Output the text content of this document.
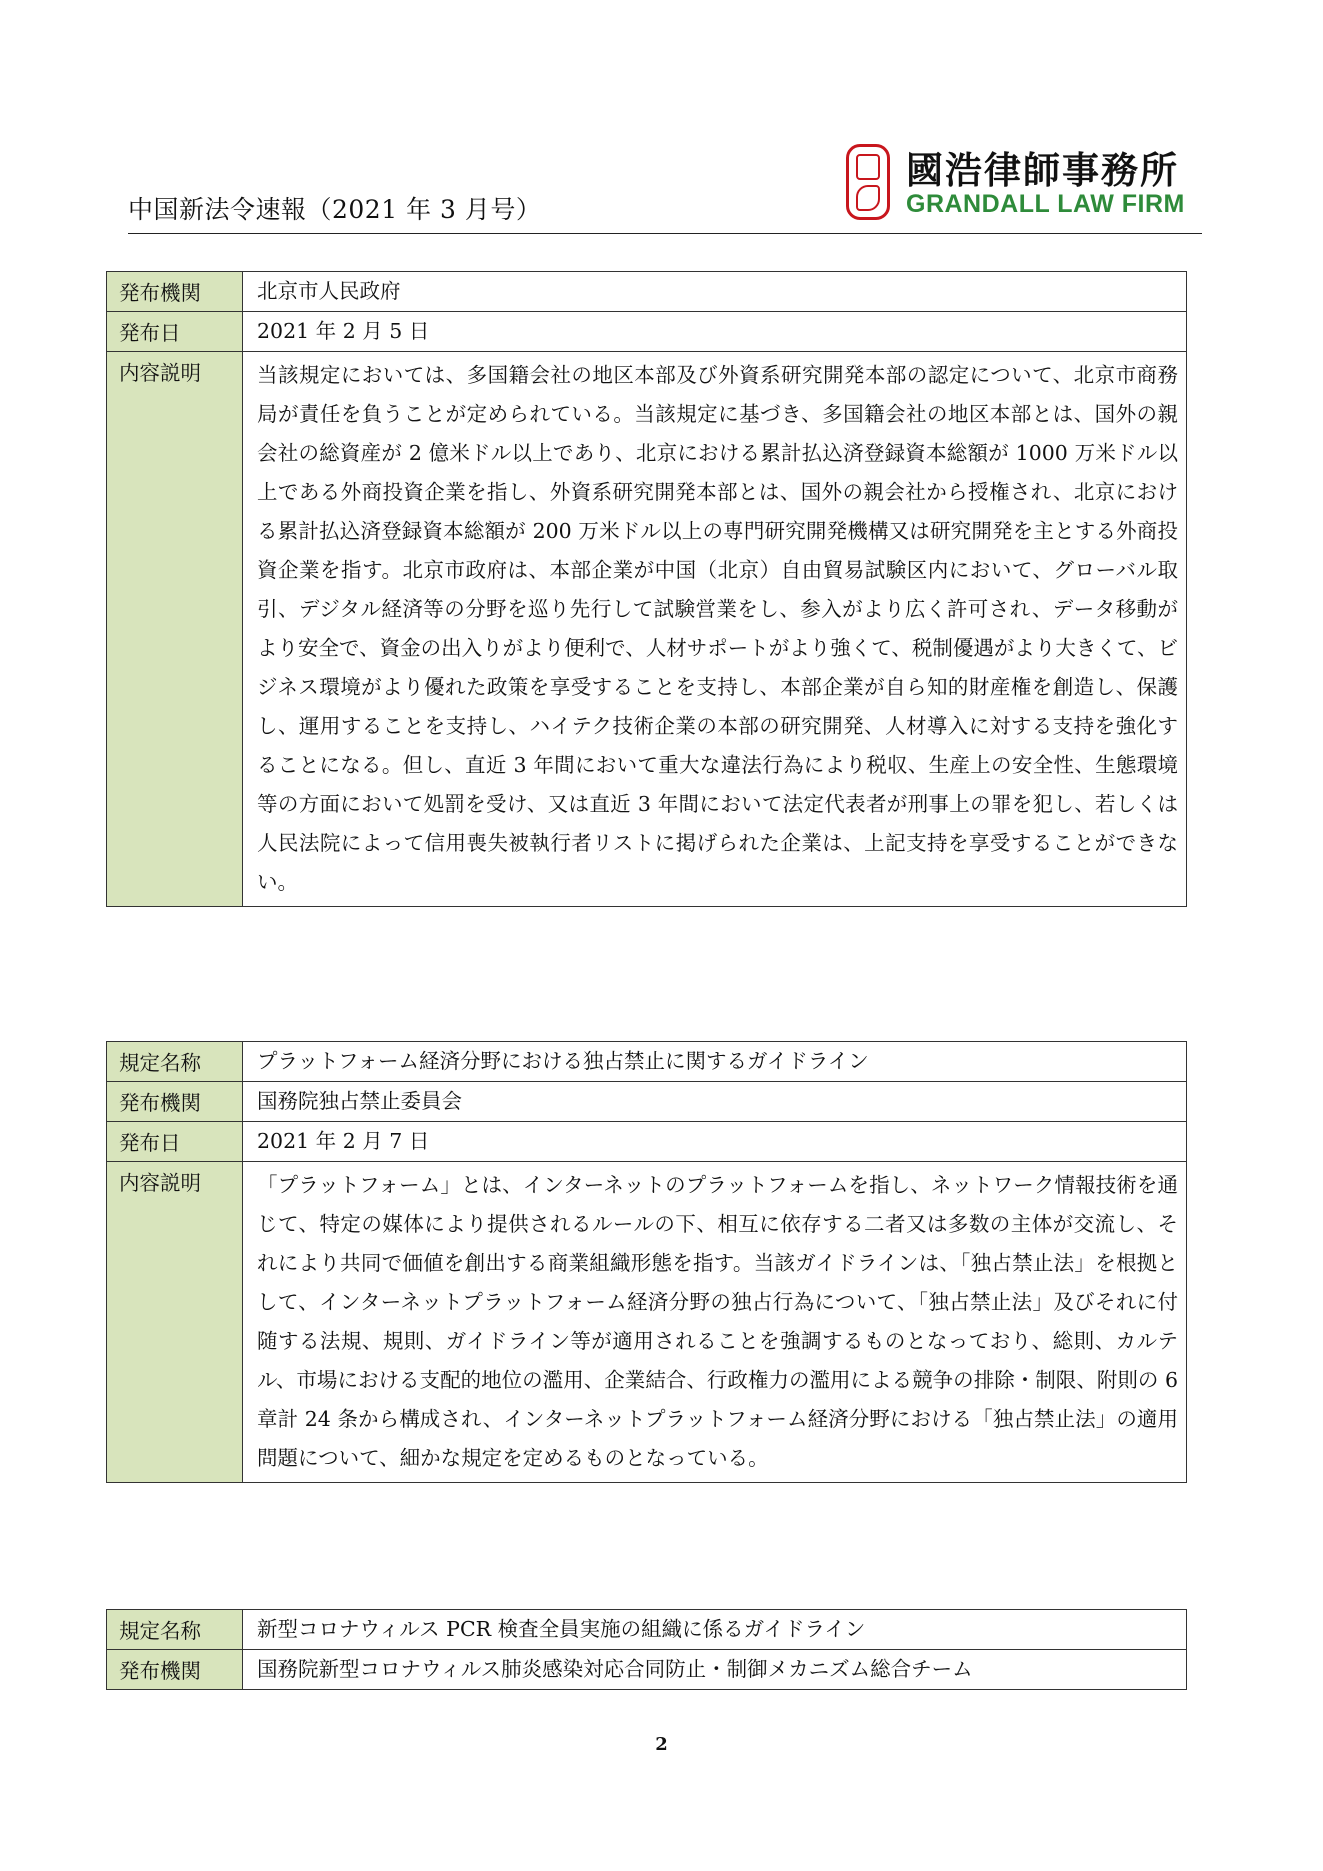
中国新法令速報（2021 年 3 月号）
國浩律師事務所
GRANDALL LAW FIRM
発布機関	北京市人民政府
発布日	2021 年 2 月 5 日
内容説明	当該規定においては、多国籍会社の地区本部及び外資系研究開発本部の認定について、北京市商務局が責任を負うことが定められている。当該規定に基づき、多国籍会社の地区本部とは、国外の親会社の総資産が 2 億米ドル以上であり、北京における累計払込済登録資本総額が 1000 万米ドル以上である外商投資企業を指し、外資系研究開発本部とは、国外の親会社から授権され、北京における累計払込済登録資本総額が 200 万米ドル以上の専門研究開発機構又は研究開発を主とする外商投資企業を指す。北京市政府は、本部企業が中国（北京）自由貿易試験区内において、グローバル取引、デジタル経済等の分野を巡り先行して試験営業をし、参入がより広く許可され、データ移動がより安全で、資金の出入りがより便利で、人材サポートがより強くて、税制優遇がより大きくて、ビジネス環境がより優れた政策を享受することを支持し、本部企業が自ら知的財産権を創造し、保護し、運用することを支持し、ハイテク技術企業の本部の研究開発、人材導入に対する支持を強化することになる。但し、直近 3 年間において重大な違法行為により税収、生産上の安全性、生態環境等の方面において処罰を受け、又は直近 3 年間において法定代表者が刑事上の罪を犯し、若しくは人民法院によって信用喪失被執行者リストに掲げられた企業は、上記支持を享受することができない。
規定名称	プラットフォーム経済分野における独占禁止に関するガイドライン
発布機関	国務院独占禁止委員会
発布日	2021 年 2 月 7 日
内容説明	「プラットフォーム」とは、インターネットのプラットフォームを指し、ネットワーク情報技術を通じて、特定の媒体により提供されるルールの下、相互に依存する二者又は多数の主体が交流し、それにより共同で価値を創出する商業組織形態を指す。当該ガイドラインは、「独占禁止法」を根拠として、インターネットプラットフォーム経済分野の独占行為について、「独占禁止法」及びそれに付随する法規、規則、ガイドライン等が適用されることを強調するものとなっており、総則、カルテル、市場における支配的地位の濫用、企業結合、行政権力の濫用による競争の排除・制限、附則の 6 章計 24 条から構成され、インターネットプラットフォーム経済分野における「独占禁止法」の適用問題について、細かな規定を定めるものとなっている。
規定名称	新型コロナウィルス PCR 検査全員実施の組織に係るガイドライン
発布機関	国務院新型コロナウィルス肺炎感染対応合同防止・制御メカニズム総合チーム
2
